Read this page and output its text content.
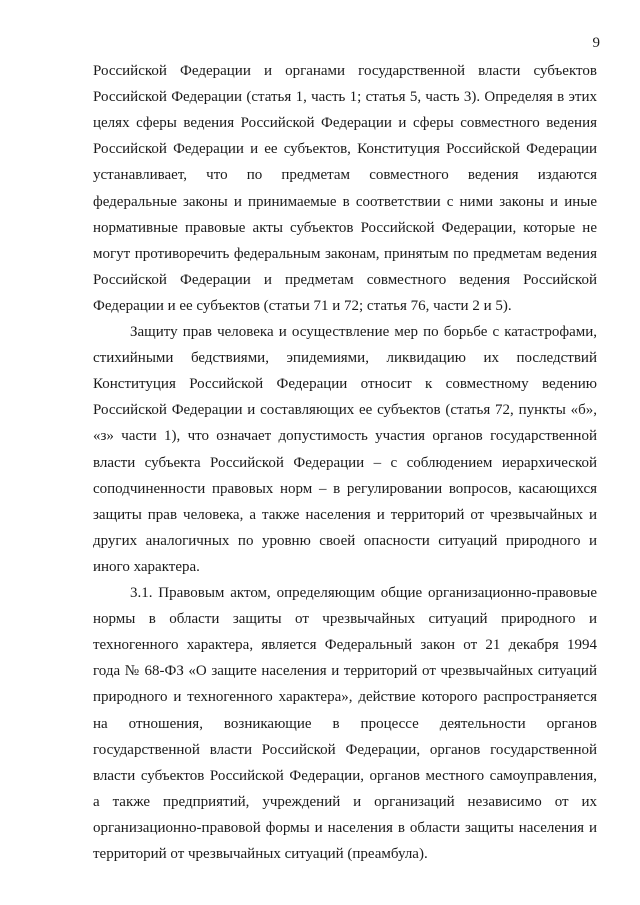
9
Российской Федерации и органами государственной власти субъектов
Российской Федерации (статья 1, часть 1; статья 5, часть 3). Определяя в этих
целях сферы ведения Российской Федерации и сферы совместного ведения
Российской Федерации и ее субъектов, Конституция Российской Федерации
устанавливает, что по предметам совместного ведения издаются
федеральные законы и принимаемые в соответствии с ними законы и иные
нормативные правовые акты субъектов Российской Федерации, которые не
могут противоречить федеральным законам, принятым по предметам ведения
Российской Федерации и предметам совместного ведения Российской
Федерации и ее субъектов (статьи 71 и 72; статья 76, части 2 и 5).
Защиту прав человека и осуществление мер по борьбе с катастрофами,
стихийными бедствиями, эпидемиями, ликвидацию их последствий
Конституция Российской Федерации относит к совместному ведению
Российской Федерации и составляющих ее субъектов (статья 72, пункты «б»,
«з» части 1), что означает допустимость участия органов государственной
власти субъекта Российской Федерации – с соблюдением иерархической
соподчиненности правовых норм – в регулировании вопросов, касающихся
защиты прав человека, а также населения и территорий от чрезвычайных и
других аналогичных по уровню своей опасности ситуаций природного и
иного характера.
3.1. Правовым актом, определяющим общие организационно-правовые
нормы в области защиты от чрезвычайных ситуаций природного и
техногенного характера, является Федеральный закон от 21 декабря 1994
года № 68-ФЗ «О защите населения и территорий от чрезвычайных ситуаций
природного и техногенного характера», действие которого распространяется
на отношения, возникающие в процессе деятельности органов
государственной власти Российской Федерации, органов государственной
власти субъектов Российской Федерации, органов местного самоуправления,
а также предприятий, учреждений и организаций независимо от их
организационно-правовой формы и населения в области защиты населения и
территорий от чрезвычайных ситуаций (преамбула).
